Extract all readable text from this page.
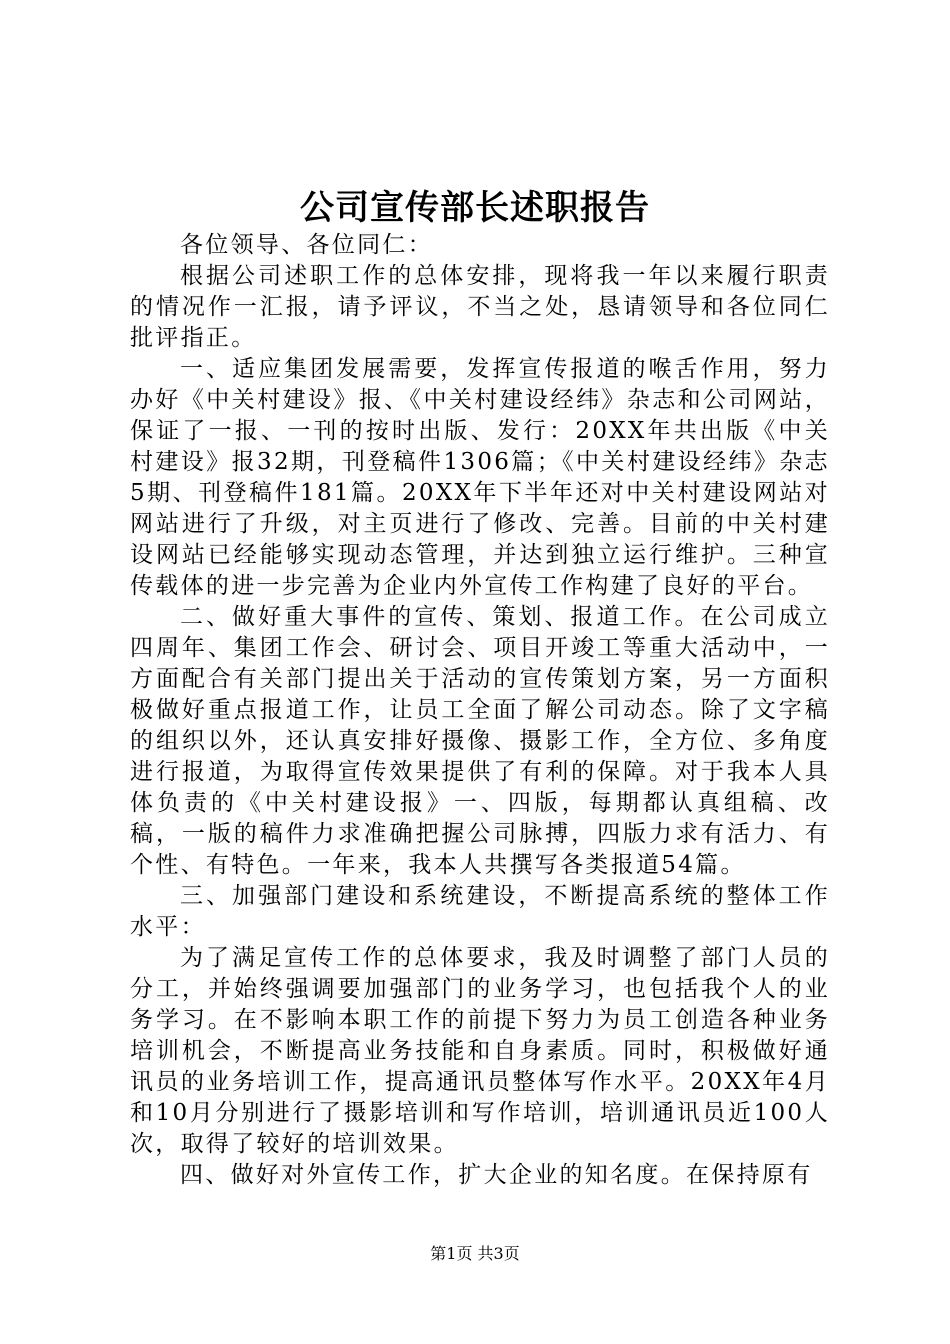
公司宣传部长述职报告

各位领导、各位同仁：

根据公司述职工作的总体安排，现将我一年以来履行职责的情况作一汇报，请予评议，不当之处，恳请领导和各位同仁批评指正。

一、适应集团发展需要，发挥宣传报道的喉舌作用，努力办好《中关村建设》报、《中关村建设经纬》杂志和公司网站，保证了一报、一刊的按时出版、发行：20XX年共出版《中关村建设》报32期，刊登稿件1306篇；《中关村建设经纬》杂志5期、刊登稿件181篇。20XX年下半年还对中关村建设网站对网站进行了升级，对主页进行了修改、完善。目前的中关村建设网站已经能够实现动态管理，并达到独立运行维护。三种宣传载体的进一步完善为企业内外宣传工作构建了良好的平台。

二、做好重大事件的宣传、策划、报道工作。在公司成立四周年、集团工作会、研讨会、项目开竣工等重大活动中，一方面配合有关部门提出关于活动的宣传策划方案，另一方面积极做好重点报道工作，让员工全面了解公司动态。除了文字稿的组织以外，还认真安排好摄像、摄影工作，全方位、多角度进行报道，为取得宣传效果提供了有利的保障。对于我本人具体负责的《中关村建设报》一、四版，每期都认真组稿、改稿，一版的稿件力求准确把握公司脉搏，四版力求有活力、有个性、有特色。一年来，我本人共撰写各类报道54篇。

三、加强部门建设和系统建设，不断提高系统的整体工作水平：

为了满足宣传工作的总体要求，我及时调整了部门人员的分工，并始终强调要加强部门的业务学习，也包括我个人的业务学习。在不影响本职工作的前提下努力为员工创造各种业务培训机会，不断提高业务技能和自身素质。同时，积极做好通讯员的业务培训工作，提高通讯员整体写作水平。20XX年4月和10月分别进行了摄影培训和写作培训，培训通讯员近100人次，取得了较好的培训效果。

四、做好对外宣传工作，扩大企业的知名度。在保持原有

第1页 共3页
